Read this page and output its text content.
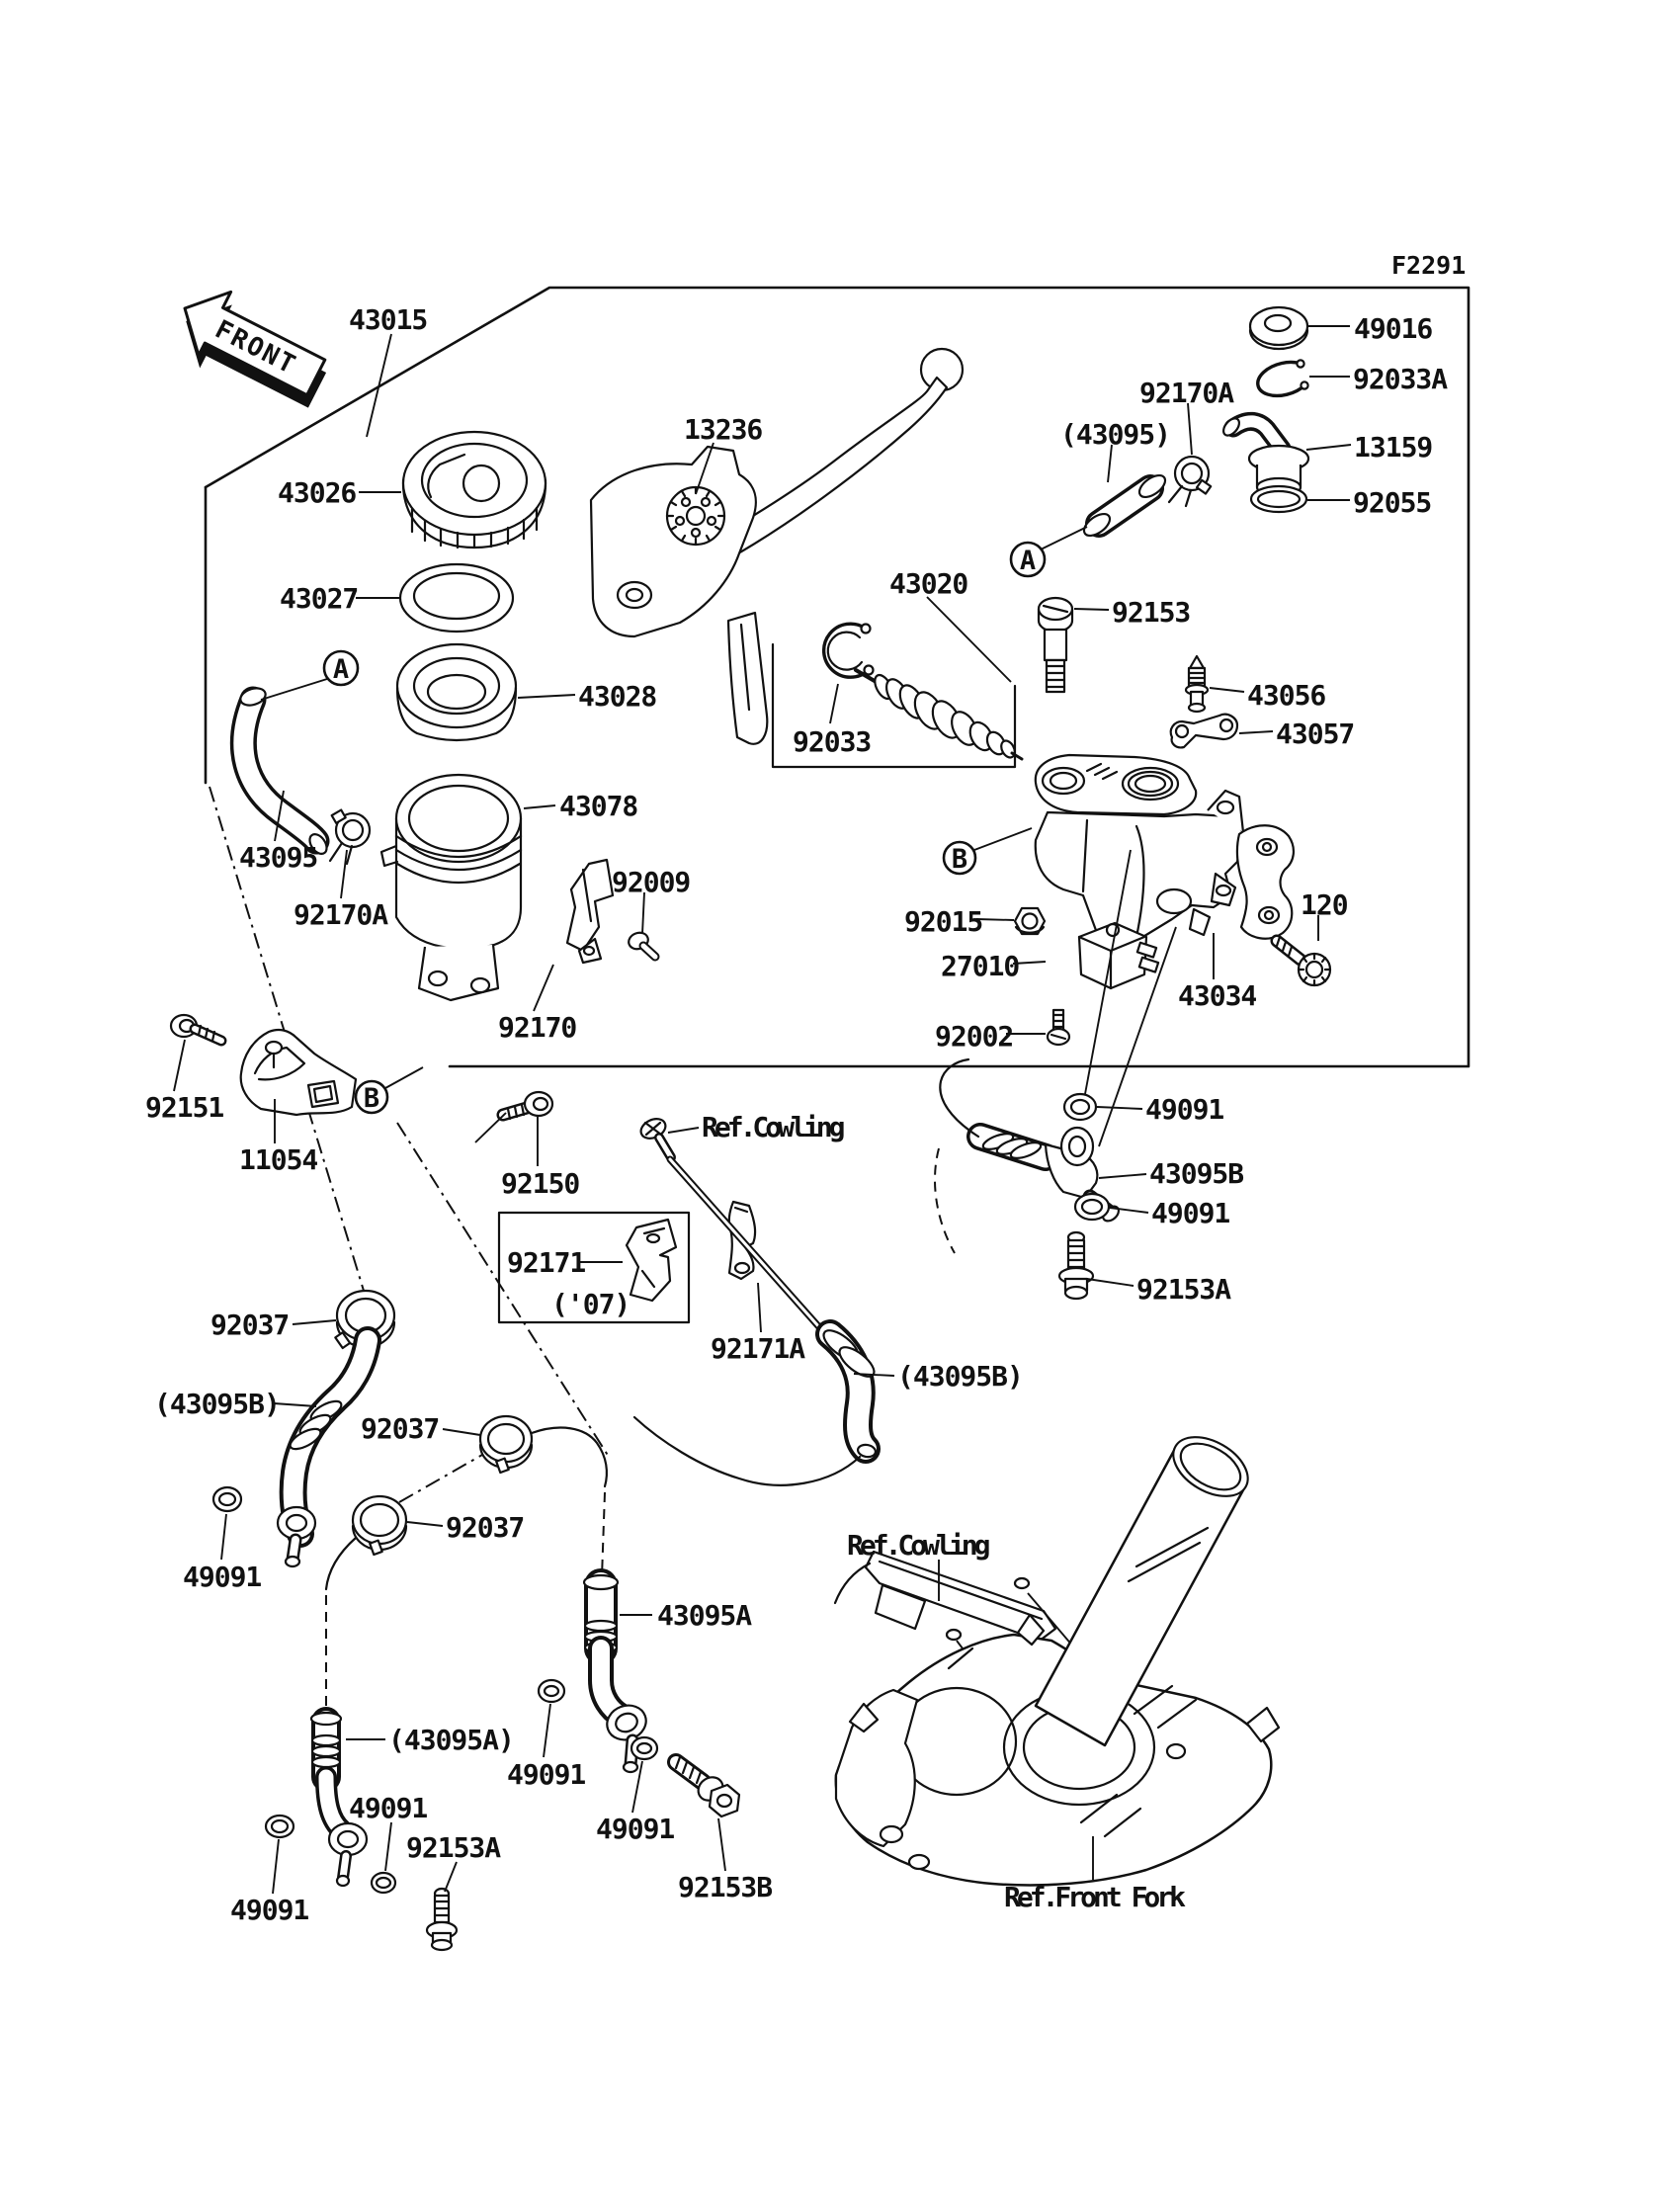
FRONT
A
A
B
B
F2291
43015
43026
13236
43027
43028
92033
43020
92153
(43095)
92170A
49016
92033A
13159
92055
43056
43057
43078
43095
92170A
92009
92015
27010
92002
43034
120
92170
92151
11054
92150
Ref.Cowling
49091
43095B
49091
92153A
92171
('07)
92171A
(43095B)
92037
(43095B)
92037
92037
49091
43095A
Ref.Cowling
(43095A)
49091
49091
49091
49091
92153A
92153B	Ref.Front Fork
